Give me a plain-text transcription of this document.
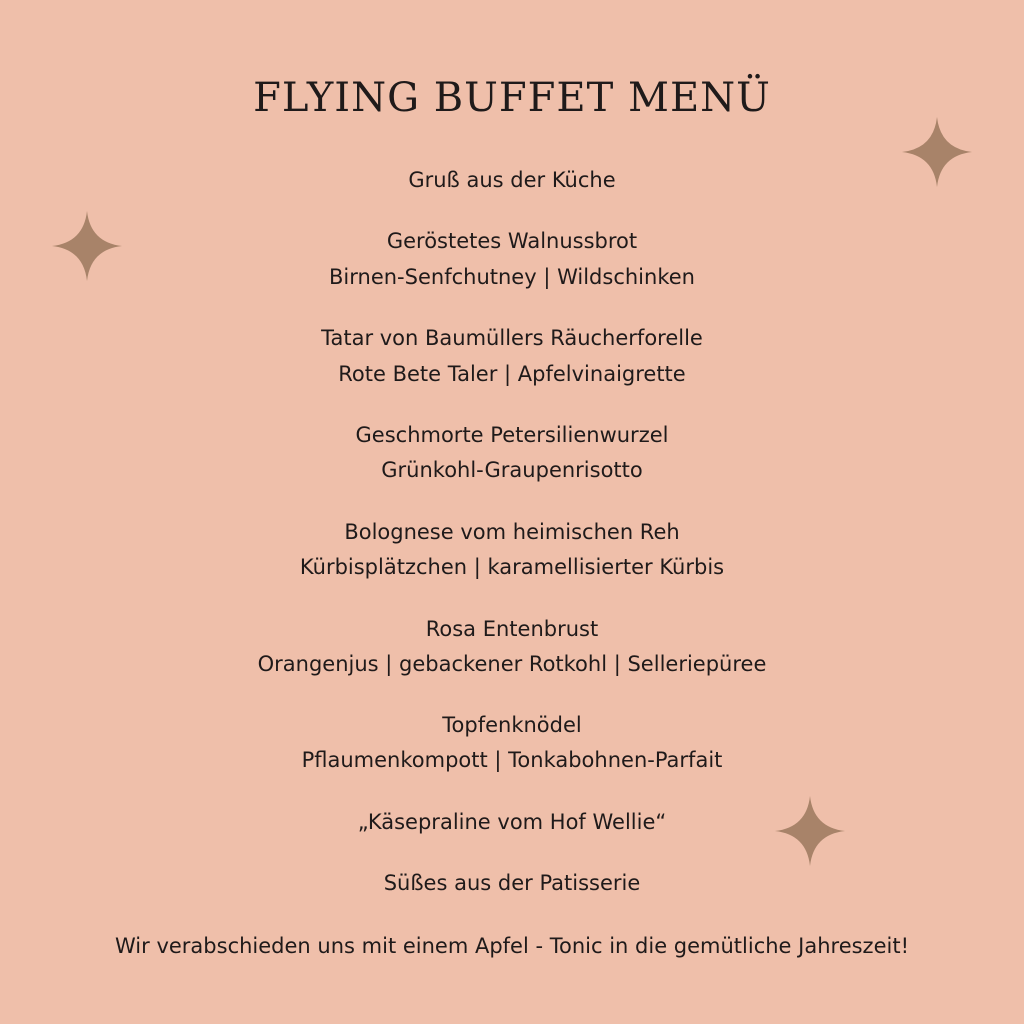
FLYING BUFFET MENÜ
Gruß aus der Küche
Geröstetes Walnussbrot
Birnen-Senfchutney | Wildschinken
Tatar von Baumüllers Räucherforelle
Rote Bete Taler | Apfelvinaigrette
Geschmorte Petersilienwurzel
Grünkohl-Graupenrisotto
Bolognese vom heimischen Reh
Kürbisplätzchen | karamellisierter Kürbis
Rosa Entenbrust
Orangenjus | gebackener Rotkohl | Selleriepüree
Topfenknödel
Pflaumenkompott | Tonkabohnen-Parfait
„Käsepraline vom Hof Wellie“
Süßes aus der Patisserie
Wir verabschieden uns mit einem Apfel - Tonic in die gemütliche Jahreszeit!
